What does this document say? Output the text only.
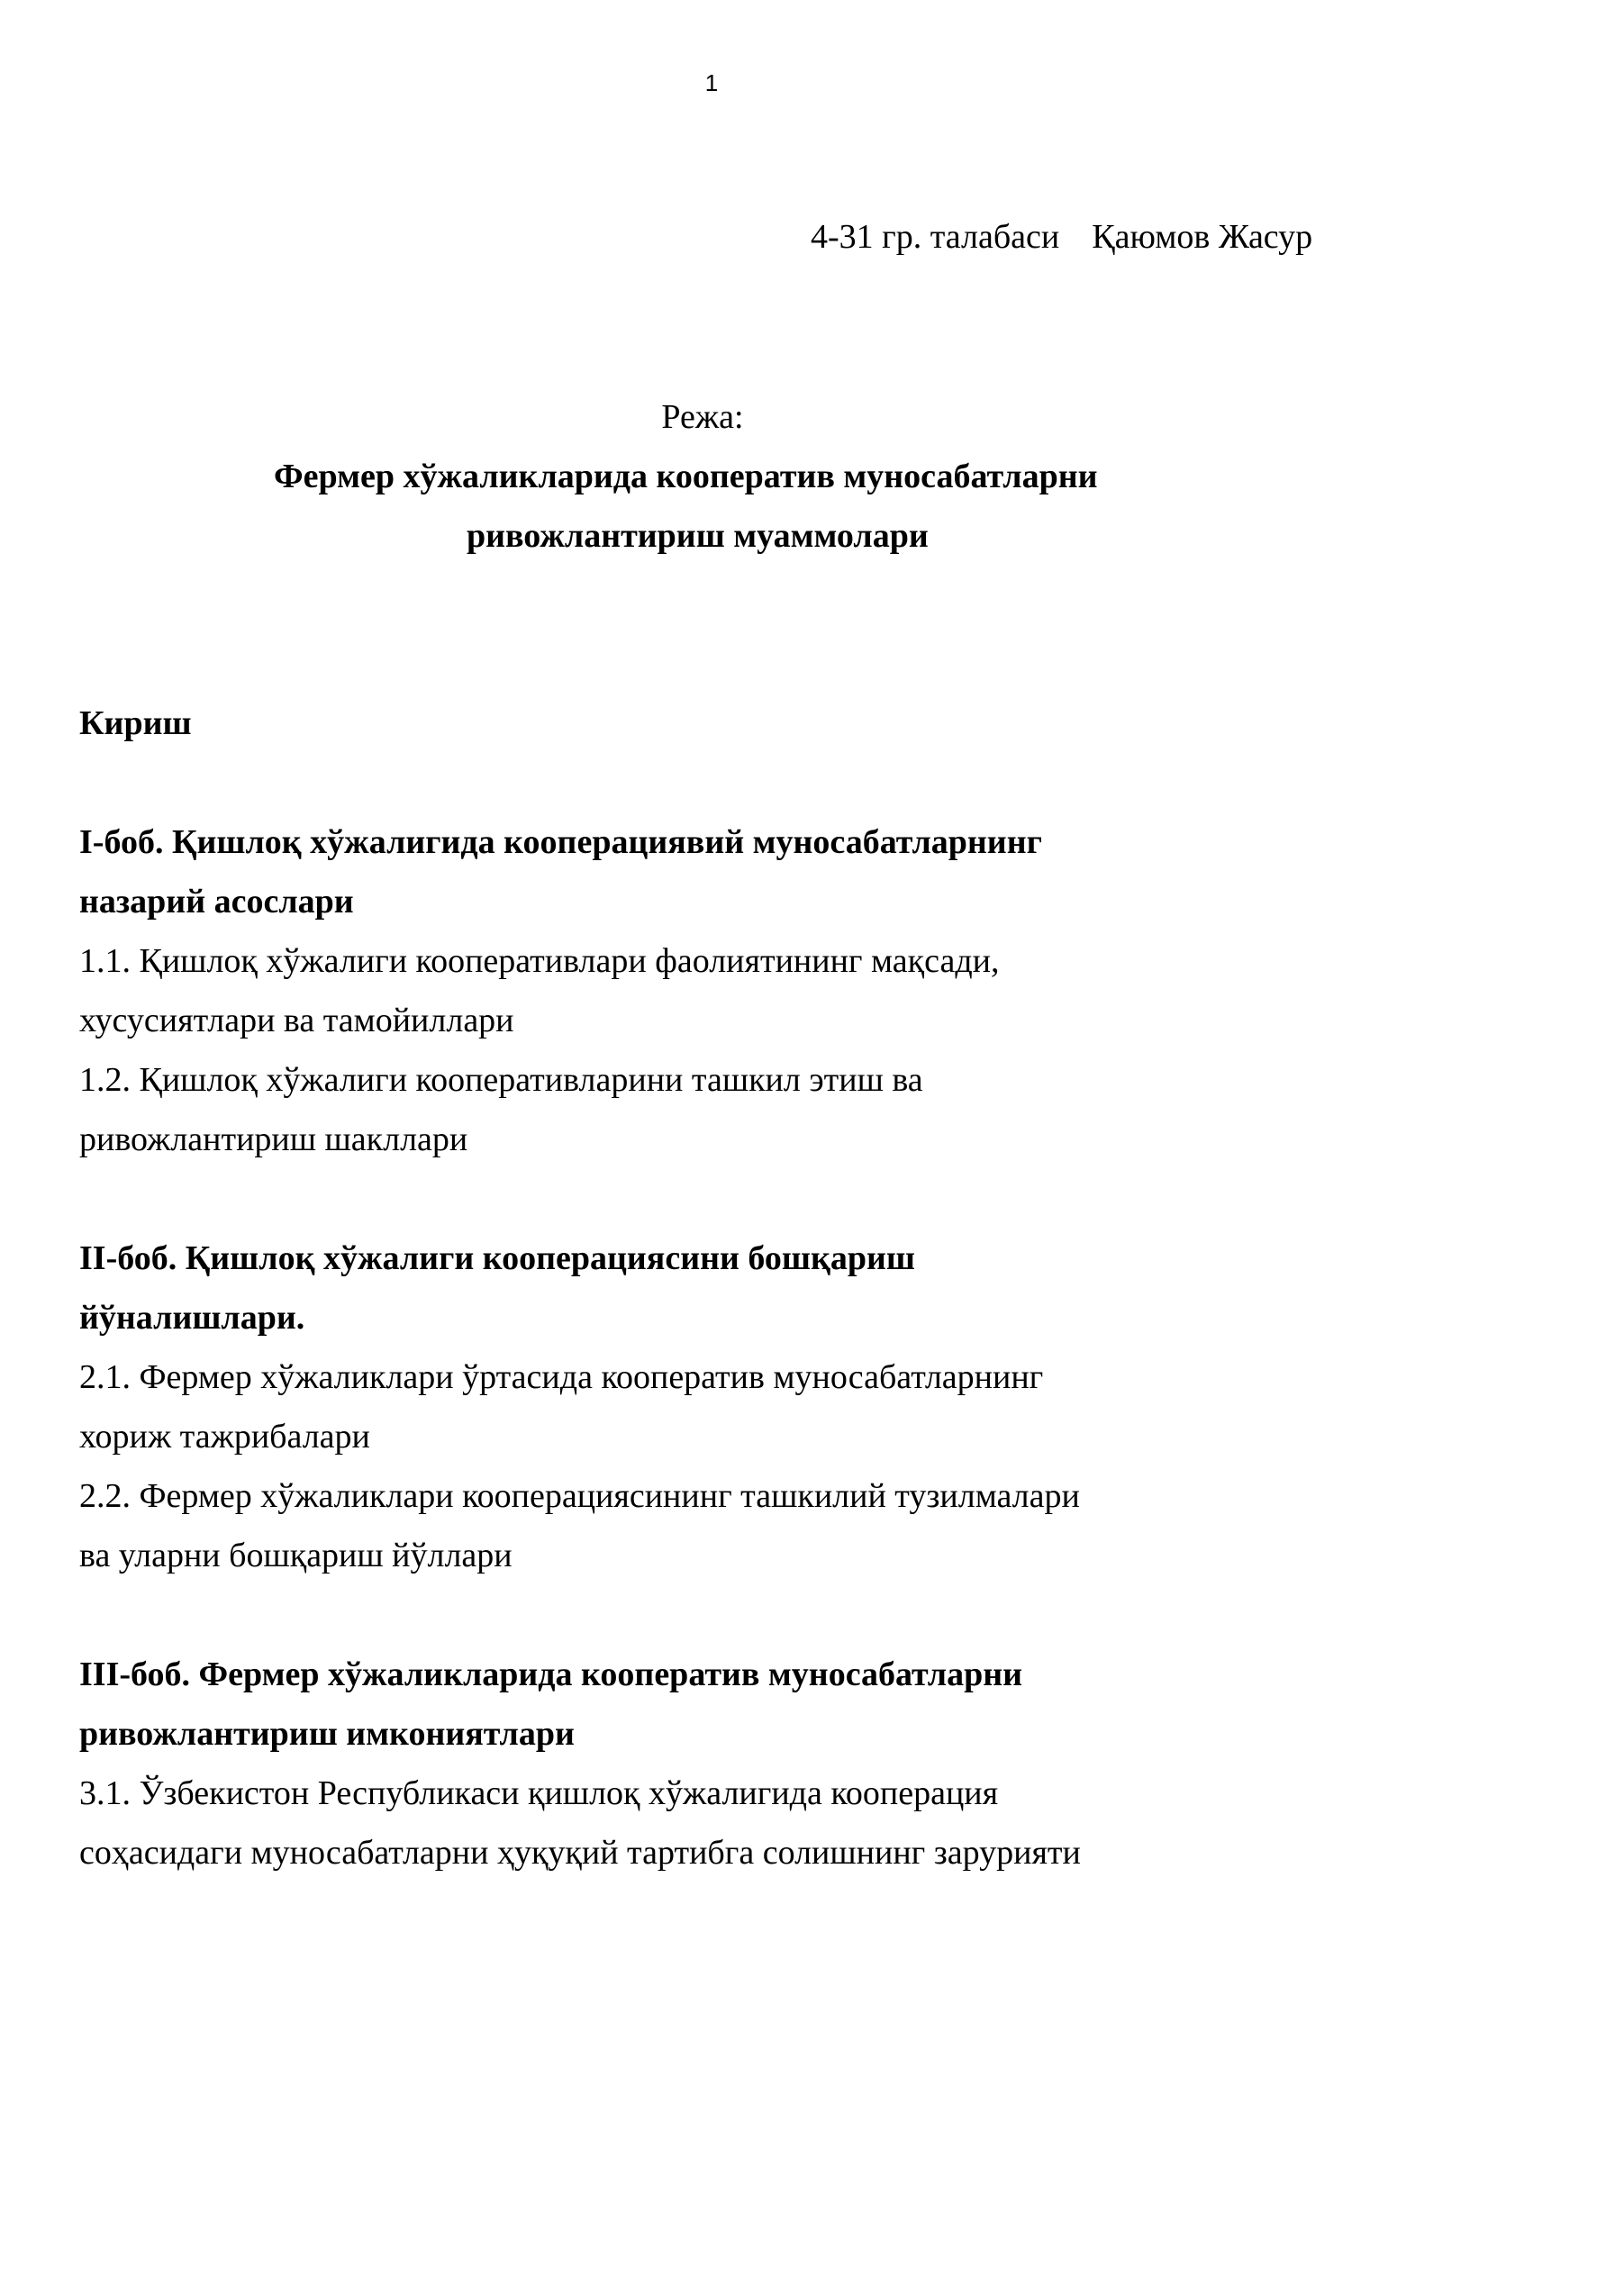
1
4-31 гр. талабаси Қаюмов Жасур
Режа:
Фермер хўжаликларида кооператив муносабатларни
ривожлантириш муаммолари

Кириш

I-боб. Қишлоқ хўжалигида кооперациявий муносабатларнинг

назарий асослари

1.1. Қишлоқ хўжалиги кооперативлари фаолиятининг мақсади,

хусусиятлари ва тамойиллари

1.2. Қишлоқ хўжалиги кооперативларини ташкил этиш ва

ривожлантириш шакллари

II-боб. Қишлоқ хўжалиги кооперациясини бошқариш

йўналишлари.

2.1. Фермер хўжаликлари ўртасида кооператив муносабатларнинг

хориж тажрибалари

2.2. Фермер хўжаликлари кооперациясининг ташкилий тузилмалари

ва уларни бошқариш йўллари

III-боб. Фермер хўжаликларида кооператив муносабатларни

ривожлантириш имкониятлари

3.1. Ўзбекистон Республикаси қишлоқ хўжалигида кооперация

соҳасидаги муносабатларни ҳуқуқий тартибга солишнинг зарурияти
